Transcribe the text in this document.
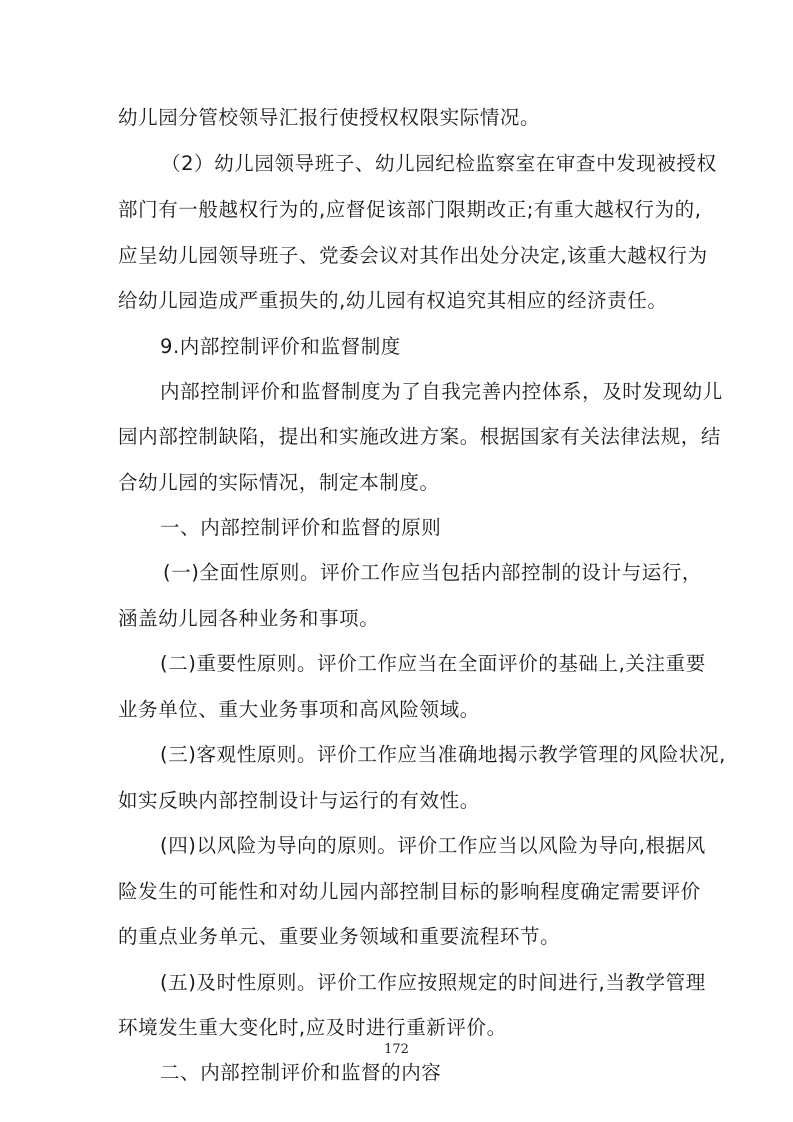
幼儿园分管校领导汇报行使授权权限实际情况。
（2）幼儿园领导班子、幼儿园纪检监察室在审查中发现被授权
部门有一般越权行为的,应督促该部门限期改正;有重大越权行为的,
应呈幼儿园领导班子、党委会议对其作出处分决定,该重大越权行为
给幼儿园造成严重损失的,幼儿园有权追究其相应的经济责任。
9.内部控制评价和监督制度
内部控制评价和监督制度为了自我完善内控体系，及时发现幼儿
园内部控制缺陷，提出和实施改进方案。根据国家有关法律法规，结
合幼儿园的实际情况，制定本制度。
一、内部控制评价和监督的原则
(一)全面性原则。评价工作应当包括内部控制的设计与运行，
涵盖幼儿园各种业务和事项。
(二)重要性原则。评价工作应当在全面评价的基础上,关注重要
业务单位、重大业务事项和高风险领域。
(三)客观性原则。评价工作应当准确地揭示教学管理的风险状况,
如实反映内部控制设计与运行的有效性。
(四)以风险为导向的原则。评价工作应当以风险为导向,根据风
险发生的可能性和对幼儿园内部控制目标的影响程度确定需要评价
的重点业务单元、重要业务领域和重要流程环节。
(五)及时性原则。评价工作应按照规定的时间进行,当教学管理
环境发生重大变化时,应及时进行重新评价。
二、内部控制评价和监督的内容
172
